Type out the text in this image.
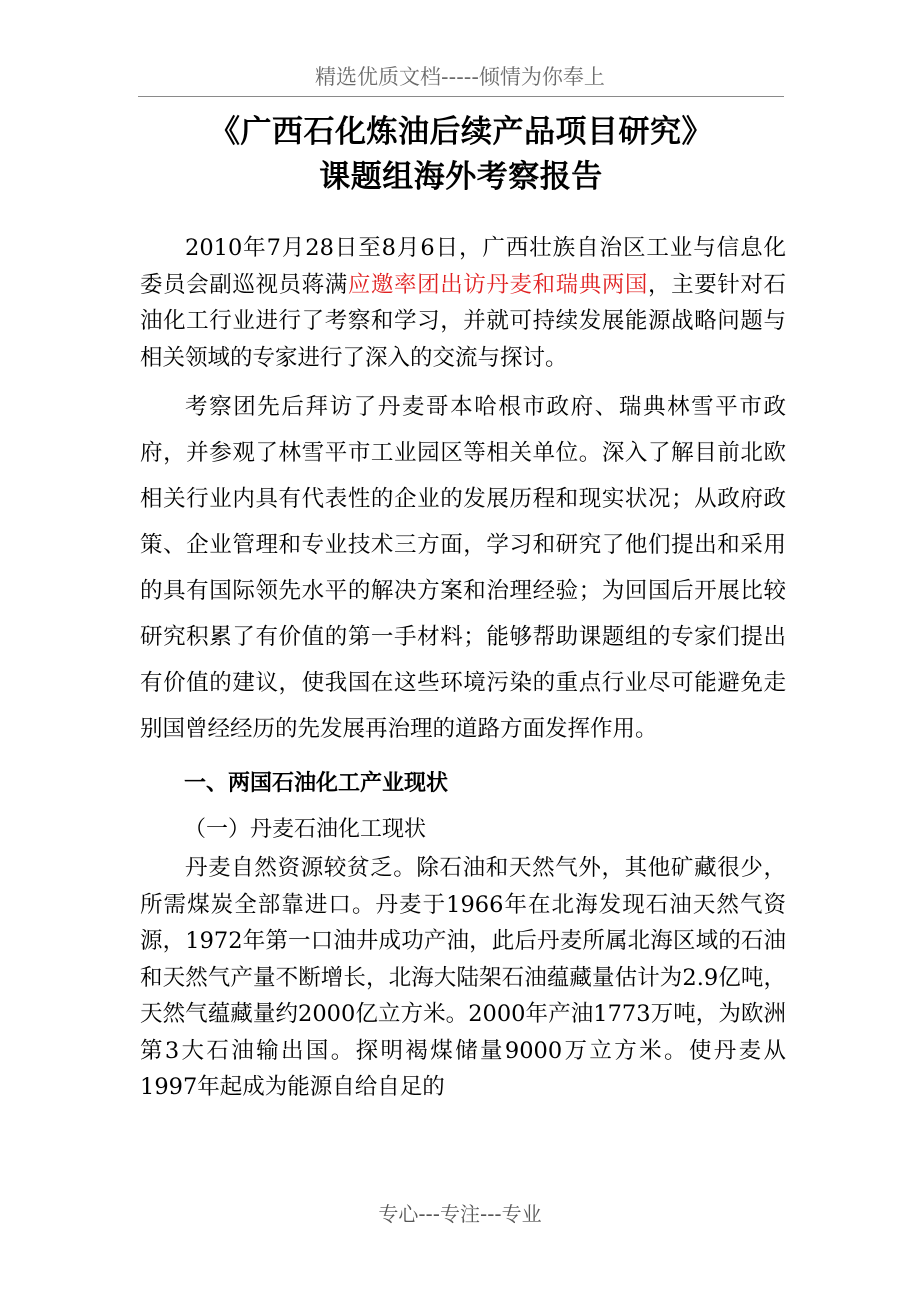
精选优质文档-----倾情为你奉上
《广西石化炼油后续产品项目研究》
课题组海外考察报告

2010年7月28日至8月6日，广西壮族自治区工业与信息化委员会副巡视员蒋满应邀率团出访丹麦和瑞典两国，主要针对石油化工行业进行了考察和学习，并就可持续发展能源战略问题与相关领域的专家进行了深入的交流与探讨。

考察团先后拜访了丹麦哥本哈根市政府、瑞典林雪平市政府，并参观了林雪平市工业园区等相关单位。深入了解目前北欧相关行业内具有代表性的企业的发展历程和现实状况；从政府政策、企业管理和专业技术三方面，学习和研究了他们提出和采用的具有国际领先水平的解决方案和治理经验；为回国后开展比较研究积累了有价值的第一手材料；能够帮助课题组的专家们提出有价值的建议，使我国在这些环境污染的重点行业尽可能避免走别国曾经经历的先发展再治理的道路方面发挥作用。

一、两国石油化工产业现状

（一）丹麦石油化工现状

丹麦自然资源较贫乏。除石油和天然气外，其他矿藏很少，所需煤炭全部靠进口。丹麦于1966年在北海发现石油天然气资源，1972年第一口油井成功产油，此后丹麦所属北海区域的石油和天然气产量不断增长，北海大陆架石油蕴藏量估计为2.9亿吨，天然气蕴藏量约2000亿立方米。2000年产油1773万吨，为欧洲第3大石油输出国。探明褐煤储量9000万立方米。使丹麦从1997年起成为能源自给自足的

专心---专注---专业
